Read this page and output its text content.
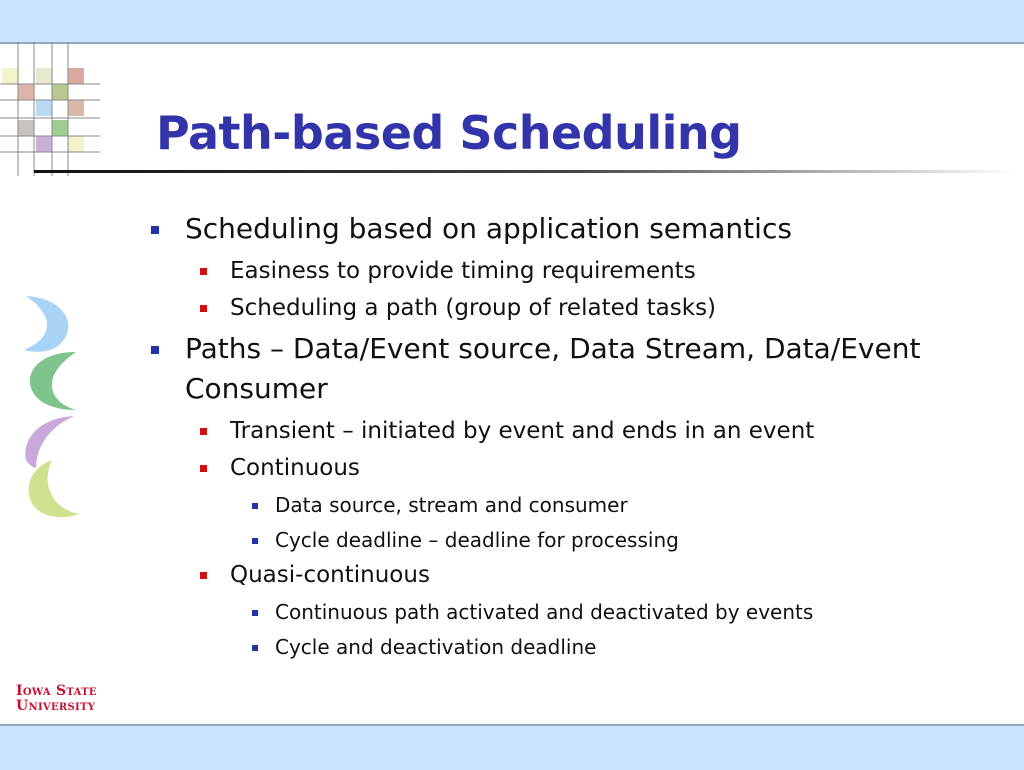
Path-based Scheduling
Scheduling based on application semantics
Easiness to provide timing requirements
Scheduling a path (group of related tasks)
Paths – Data/Event source, Data Stream, Data/Event Consumer
Transient – initiated by event and ends in an event
Continuous
Data source, stream and consumer
Cycle deadline – deadline for processing
Quasi-continuous
Continuous path activated and deactivated by events
Cycle and deactivation deadline
Iowa State
University
